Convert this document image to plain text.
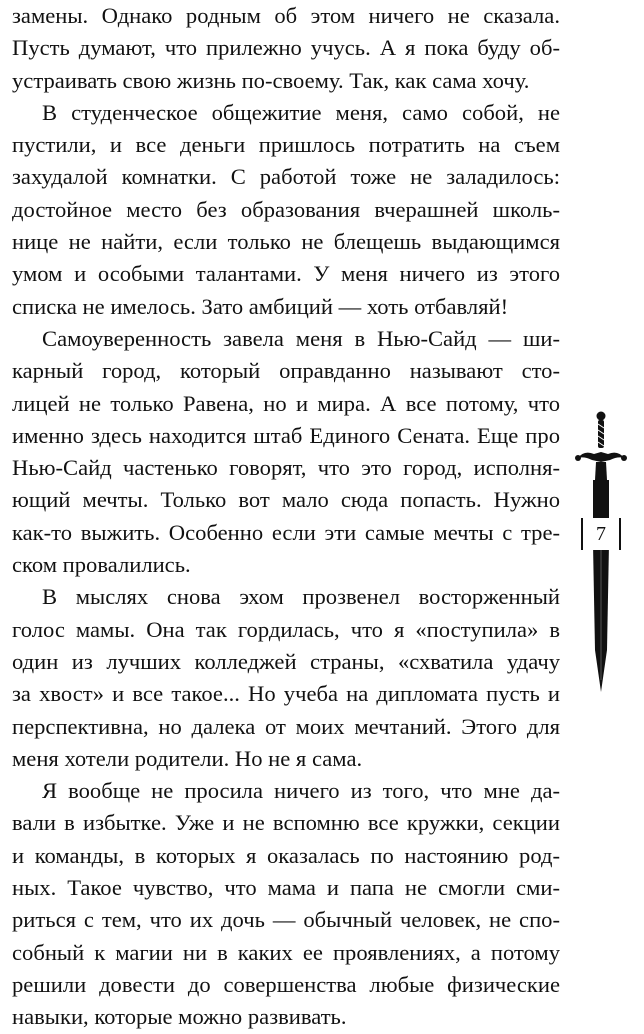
замены. Однако родным об этом ничего не сказала.
Пусть думают, что прилежно учусь. А я пока буду об-
устраивать свою жизнь по-своему. Так, как сама хочу.
В студенческое общежитие меня, само собой, не
пустили, и все деньги пришлось потратить на съем
захудалой комнатки. С работой тоже не заладилось:
достойное место без образования вчерашней школь-
нице не найти, если только не блещешь выдающимся
умом и особыми талантами. У меня ничего из этого
списка не имелось. Зато амбиций — хоть отбавляй!
Самоуверенность завела меня в Нью-Сайд — ши-
карный город, который оправданно называют сто-
лицей не только Равена, но и мира. А все потому, что
именно здесь находится штаб Единого Сената. Еще про
Нью-Сайд частенько говорят, что это город, исполня-
ющий мечты. Только вот мало сюда попасть. Нужно
как-то выжить. Особенно если эти самые мечты с тре-
ском провалились.
В мыслях снова эхом прозвенел восторженный
голос мамы. Она так гордилась, что я «поступила» в
один из лучших колледжей страны, «схватила удачу
за хвост» и все такое... Но учеба на дипломата пусть и
перспективна, но далека от моих мечтаний. Этого для
меня хотели родители. Но не я сама.
Я вообще не просила ничего из того, что мне да-
вали в избытке. Уже и не вспомню все кружки, секции
и команды, в которых я оказалась по настоянию род-
ных. Такое чувство, что мама и папа не смогли сми-
риться с тем, что их дочь — обычный человек, не спо-
собный к магии ни в каких ее проявлениях, а потому
решили довести до совершенства любые физические
навыки, которые можно развивать.
7
